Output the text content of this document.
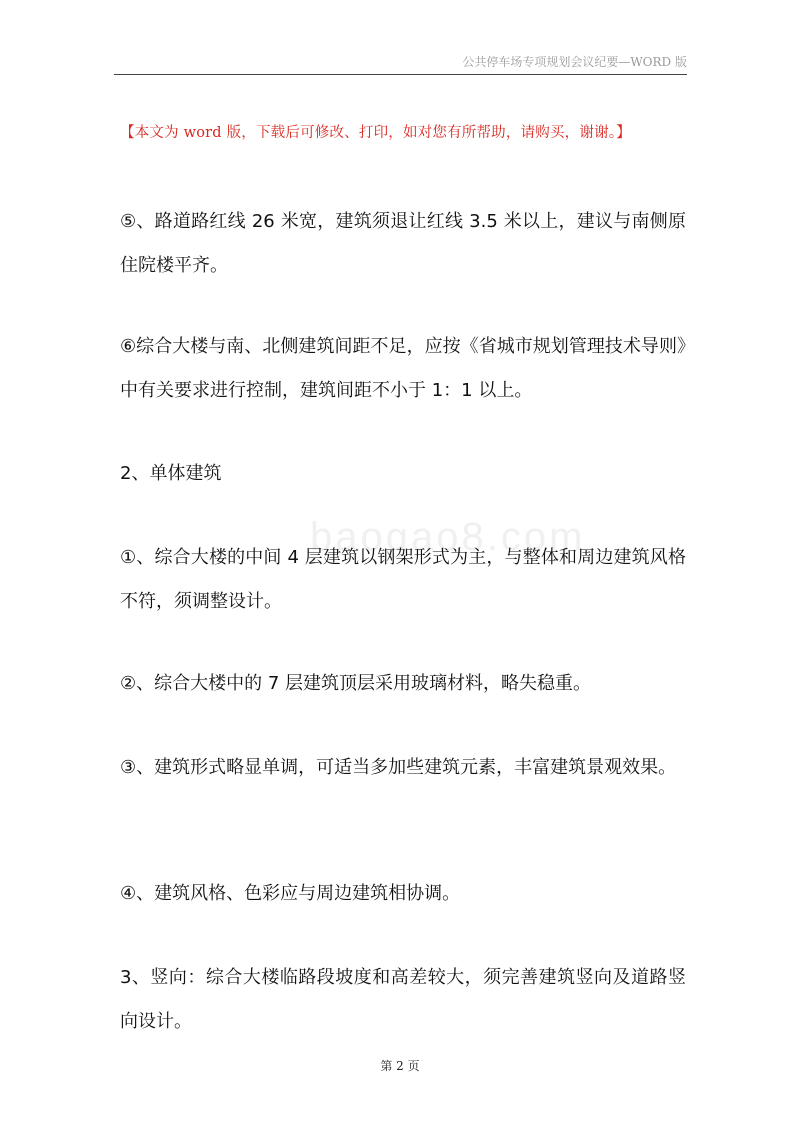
公共停车场专项规划会议纪要—WORD 版
【本文为 word 版，下载后可修改、打印，如对您有所帮助，请购买，谢谢。】
baogao8.com
⑤、路道路红线 26 米宽，建筑须退让红线 3.5 米以上，建议与南侧原住院楼平齐。
⑥综合大楼与南、北侧建筑间距不足，应按《省城市规划管理技术导则》中有关要求进行控制，建筑间距不小于 1：1 以上。
2、单体建筑
①、综合大楼的中间 4 层建筑以钢架形式为主，与整体和周边建筑风格不符，须调整设计。
②、综合大楼中的 7 层建筑顶层采用玻璃材料，略失稳重。
③、建筑形式略显单调，可适当多加些建筑元素，丰富建筑景观效果。
④、建筑风格、色彩应与周边建筑相协调。
3、竖向：综合大楼临路段坡度和高差较大，须完善建筑竖向及道路竖向设计。
第 2 页
